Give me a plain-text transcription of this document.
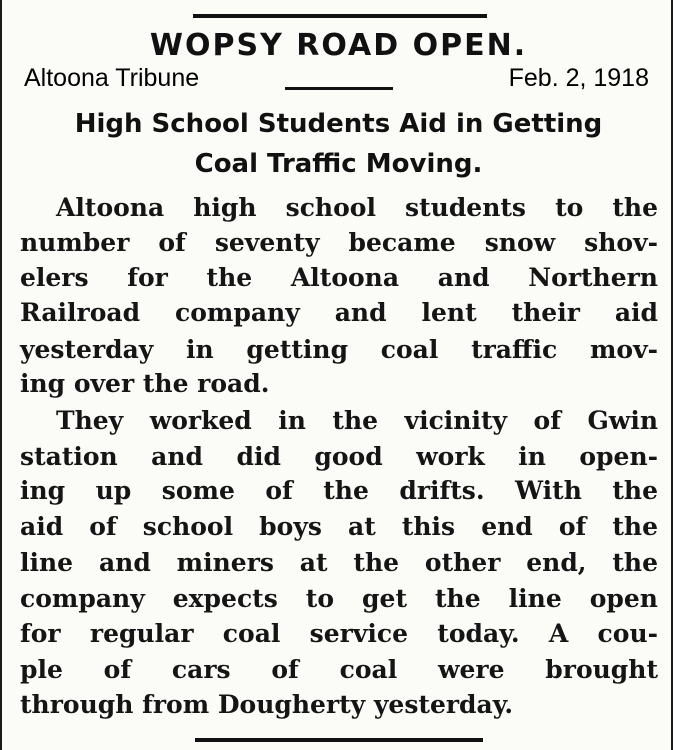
WOPSY ROAD OPEN.
Altoona Tribune	Feb. 2, 1918
High School Students Aid in Getting
Coal Traffic Moving.
Altoona high school students to the
number of seventy became snow shov-
elers for the Altoona and Northern
Railroad company and lent their aid
yesterday in getting coal traffic mov-
ing over the road.
They worked in the vicinity of Gwin
station and did good work in open-
ing up some of the drifts. With the
aid of school boys at this end of the
line and miners at the other end, the
company expects to get the line open
for regular coal service today. A cou-
ple of cars of coal were brought
through from Dougherty yesterday.
